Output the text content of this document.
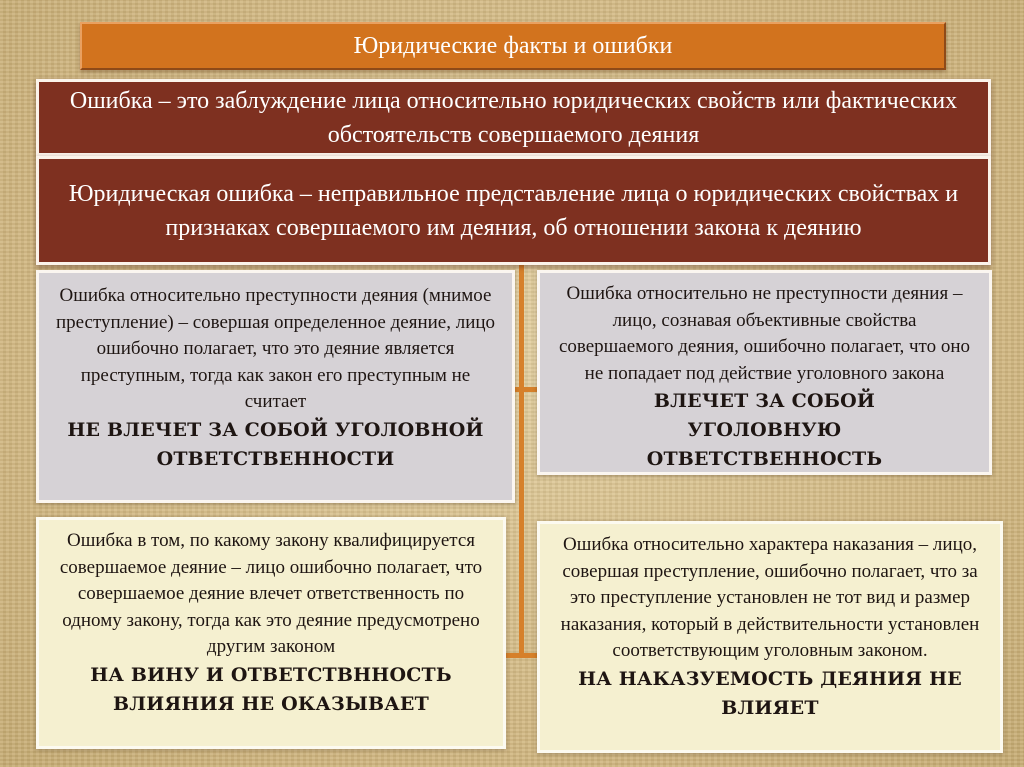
Юридические факты и ошибки
Ошибка – это заблуждение лица относительно юридических свойств или фактических обстоятельств совершаемого деяния
Юридическая ошибка – неправильное представление лица о юридических свойствах и признаках совершаемого им деяния, об отношении закона к деянию
Ошибка относительно преступности деяния (мнимое преступление) – совершая определенное деяние, лицо ошибочно полагает, что это деяние является преступным, тогда как закон его преступным не считает
НЕ ВЛЕЧЕТ ЗА СОБОЙ УГОЛОВНОЙ ОТВЕТСТВЕННОСТИ
Ошибка относительно не преступности деяния – лицо, сознавая объективные свойства совершаемого деяния, ошибочно полагает, что оно не попадает под действие уголовного закона
ВЛЕЧЕТ ЗА СОБОЙ УГОЛОВНУЮ ОТВЕТСТВЕННОСТЬ
Ошибка в том, по какому закону квалифицируется совершаемое деяние – лицо ошибочно полагает, что совершаемое деяние влечет ответственность по одному закону, тогда как это деяние предусмотрено другим законом
НА ВИНУ И ОТВЕТСТВННОСТЬ ВЛИЯНИЯ НЕ ОКАЗЫВАЕТ
Ошибка относительно характера наказания – лицо, совершая преступление, ошибочно полагает, что за это преступление установлен не тот вид и размер наказания, который в действительности установлен соответствующим уголовным законом.
НА НАКАЗУЕМОСТЬ ДЕЯНИЯ НЕ ВЛИЯЕТ
